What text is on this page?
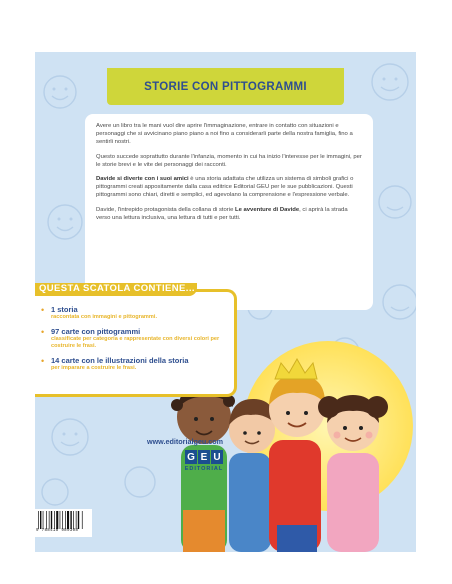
STORIE CON PITTOGRAMMI

Avere un libro tra le mani vuol dire aprire l'immaginazione, entrare in contatto con situazioni e personaggi che si avvicinano piano piano a noi fino a considerarli parte della nostra famiglia, fino a sentirli nostri.

Questo succede soprattutto durante l'infanzia, momento in cui ha inizio l'interesse per le immagini, per le storie brevi e le vite dei personaggi dei racconti.

Davide si diverte con i suoi amici è una storia adattata che utilizza un sistema di simboli grafici o pittogrammi creati appositamente dalla casa editrice Editorial GEU per le sue pubblicazioni. Questi pittogrammi sono chiari, diretti e semplici, ed agevolano la comprensione e l'espressione verbale.

Davide, l'intrepido protagonista della collana di storie Le avventure di Davide, ci aprirà la strada verso una lettura inclusiva, una lettura di tutti e per tutti.

QUESTA SCATOLA CONTIENE...
• 1 storia
raccontata con immagini e pittogrammi.
• 97 carte con pittogrammi
classificate per categoria e rappresentate con diversi colori per costruire le frasi.
• 14 carte con le illustrazioni della storia
per imparare a costruire le frasi.
www.editorialgeu.com
G E U
EDITORIAL
9 788418 989308
